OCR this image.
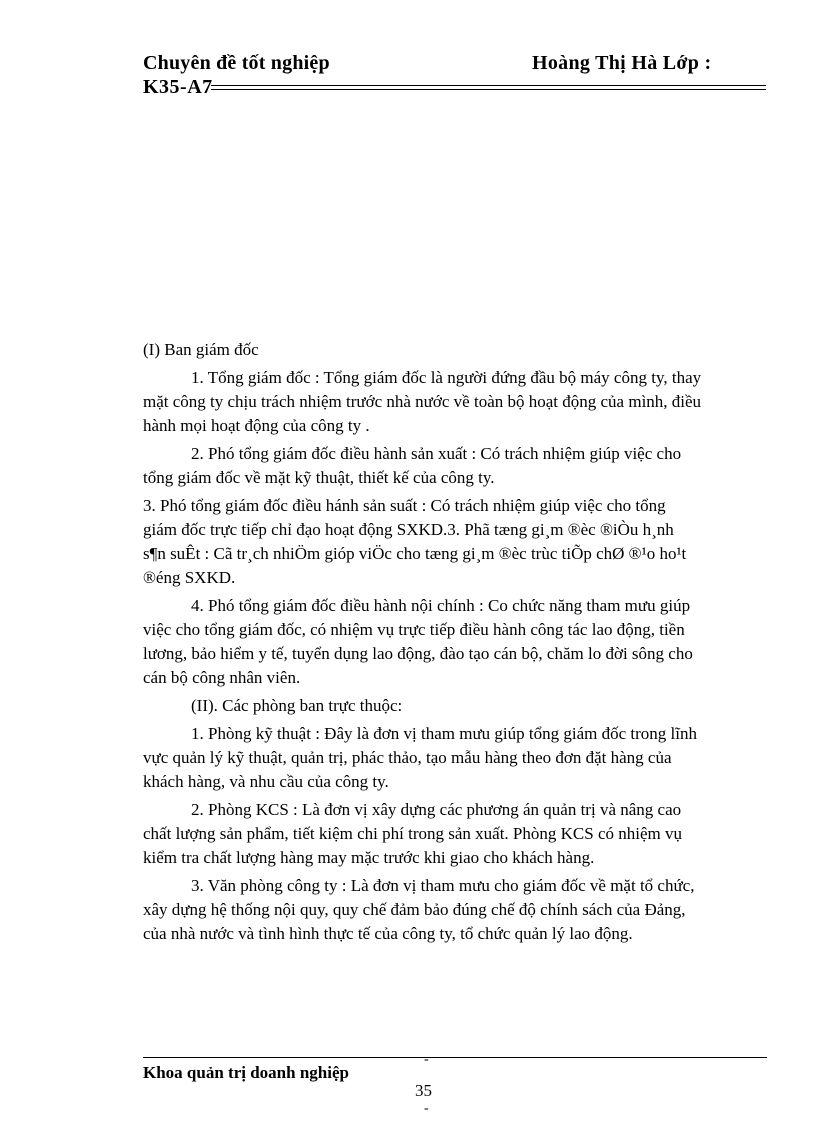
Chuyên đề tốt nghiệp	Hoàng Thị Hà Lớp :
K35-A7

(I) Ban giám đốc

1. Tổng giám đốc : Tổng giám đốc là người đứng đầu bộ máy công ty, thay
mặt công ty chịu trách nhiệm trước nhà nước về toàn bộ hoạt động của mình, điều
hành mọi hoạt động của công ty .

2. Phó tổng giám đốc điều hành sản xuất : Có trách nhiệm giúp việc cho
tổng giám đốc về mặt kỹ thuật, thiết kế của công ty.

3. Phó tổng giám đốc điều hánh sản suất : Có trách nhiệm giúp việc cho tổng
giám đốc trực tiếp chỉ đạo hoạt động SXKD.3. Phã tæng gi¸m ®èc ®iÒu h¸nh
s¶n suÊt : Cã tr¸ch nhiÖm gióp viÖc cho tæng gi¸m ®èc trùc tiÕp chØ ®¹o ho¹t
®éng SXKD.

4. Phó tổng giám đốc điều hành nội chính : Co chức năng tham mưu giúp
việc cho tổng giám đốc, có nhiệm vụ trực tiếp điều hành công tác lao động, tiền
lương, bảo hiểm y tế, tuyển dụng lao động, đào tạo cán bộ, chăm lo đời sông cho
cán bộ công nhân viên.

(II). Các phòng ban trực thuộc:

1. Phòng kỹ thuật : Đây là đơn vị tham mưu giúp tổng giám đốc trong lĩnh
vực quản lý kỹ thuật, quản trị, phác thảo, tạo mẫu hàng theo đơn đặt hàng của
khách hàng, và nhu cầu của công ty.

2. Phòng KCS : Là đơn vị xây dựng các phương án quản trị và nâng cao
chất lượng sản phẩm, tiết kiệm chi phí trong sản xuất. Phòng KCS có nhiệm vụ
kiểm tra chất lượng hàng may mặc trước khi giao cho khách hàng.

3. Văn phòng công ty : Là đơn vị tham mưu cho giám đốc về mặt tổ chức,
xây dựng hệ thống nội quy, quy chế đảm bảo đúng chế độ chính sách của Đảng,
của nhà nước và tình hình thực tế của công ty, tổ chức quản lý lao động.

Khoa quản trị doanh nghiệp
-
35
-
